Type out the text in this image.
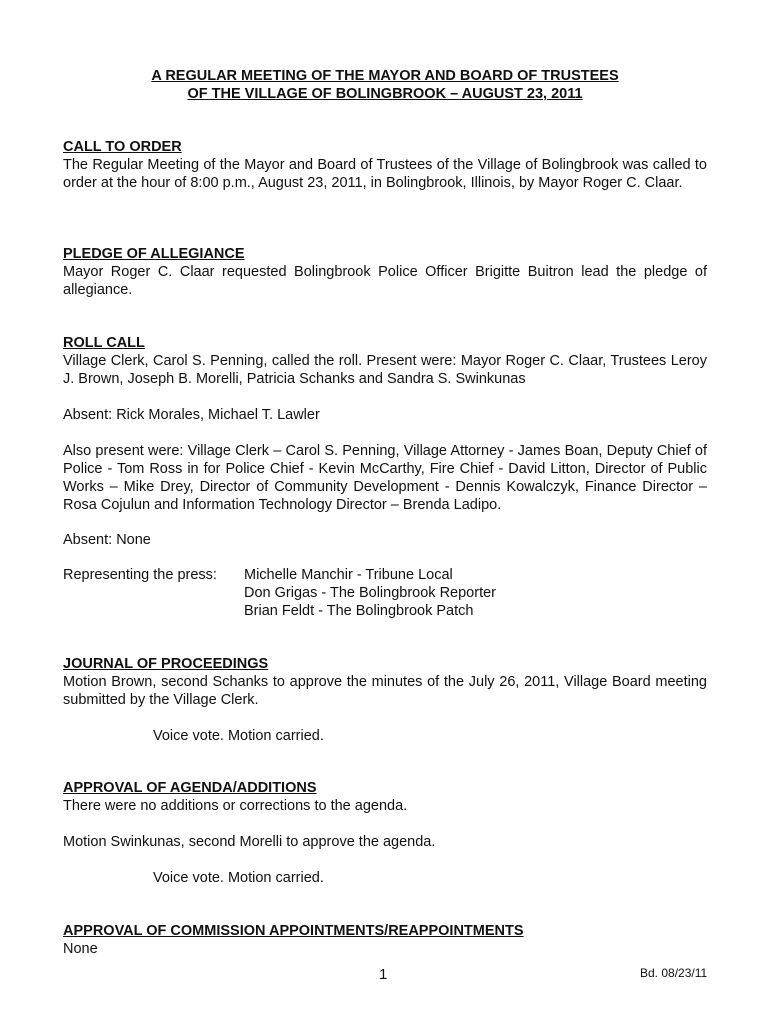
A REGULAR MEETING OF THE MAYOR AND BOARD OF TRUSTEES
OF THE VILLAGE OF BOLINGBROOK – AUGUST 23, 2011
CALL TO ORDER
The Regular Meeting of the Mayor and Board of Trustees of the Village of Bolingbrook was called to order at the hour of 8:00 p.m., August 23, 2011, in Bolingbrook, Illinois, by Mayor Roger C. Claar.
PLEDGE OF ALLEGIANCE
Mayor Roger C. Claar requested Bolingbrook Police Officer Brigitte Buitron lead the pledge of allegiance.
ROLL CALL
Village Clerk, Carol S. Penning, called the roll. Present were: Mayor Roger C. Claar, Trustees Leroy J. Brown, Joseph B. Morelli, Patricia Schanks and Sandra S. Swinkunas
Absent: Rick Morales, Michael T. Lawler
Also present were: Village Clerk – Carol S. Penning, Village Attorney - James Boan, Deputy Chief of Police - Tom Ross in for Police Chief - Kevin McCarthy, Fire Chief - David Litton, Director of Public Works – Mike Drey, Director of Community Development - Dennis Kowalczyk, Finance Director – Rosa Cojulun and Information Technology Director – Brenda Ladipo.
Absent: None
Representing the press: Michelle Manchir - Tribune Local
Don Grigas - The Bolingbrook Reporter
Brian Feldt - The Bolingbrook Patch
JOURNAL OF PROCEEDINGS
Motion Brown, second Schanks to approve the minutes of the July 26, 2011, Village Board meeting submitted by the Village Clerk.
Voice vote. Motion carried.
APPROVAL OF AGENDA/ADDITIONS
There were no additions or corrections to the agenda.
Motion Swinkunas, second Morelli to approve the agenda.
Voice vote. Motion carried.
APPROVAL OF COMMISSION APPOINTMENTS/REAPPOINTMENTS
None
1	Bd. 08/23/11
